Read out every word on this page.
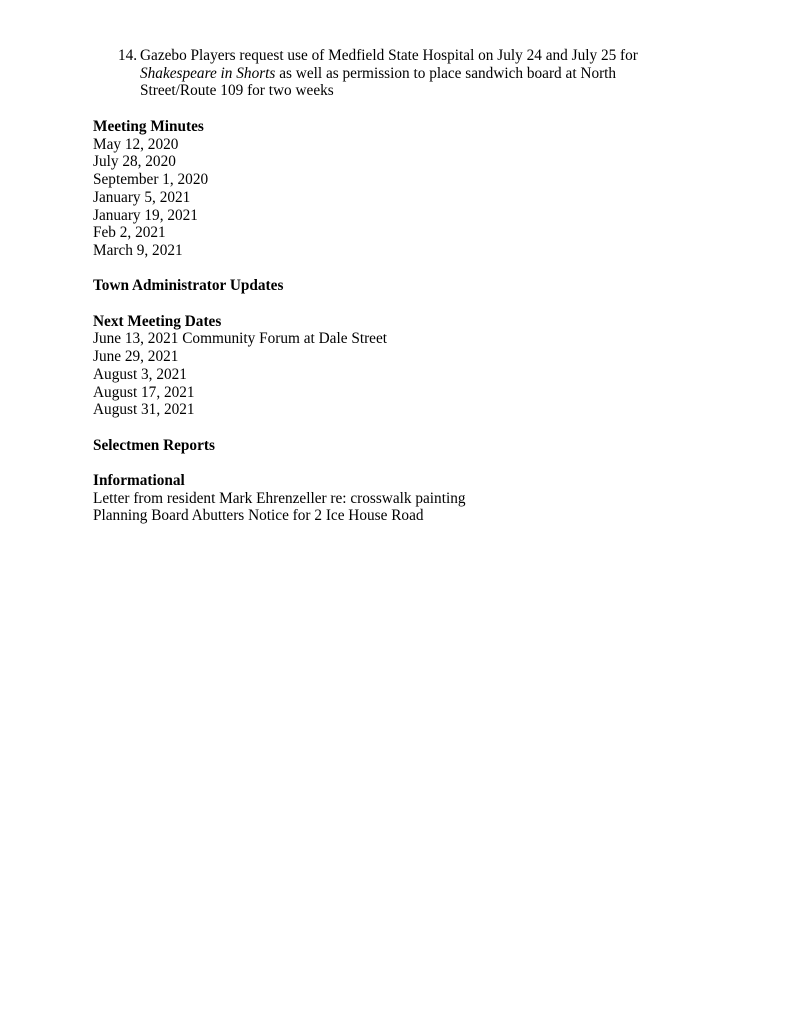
14. Gazebo Players request use of Medfield State Hospital on July 24 and July 25 for Shakespeare in Shorts as well as permission to place sandwich board at North Street/Route 109 for two weeks

Meeting Minutes

May 12, 2020

July 28, 2020

September 1, 2020

January 5, 2021

January 19, 2021

Feb 2, 2021

March 9, 2021

Town Administrator Updates

Next Meeting Dates

June 13, 2021 Community Forum at Dale Street

June 29, 2021

August 3, 2021

August 17, 2021

August 31, 2021

Selectmen Reports

Informational

Letter from resident Mark Ehrenzeller re: crosswalk painting

Planning Board Abutters Notice for 2 Ice House Road
